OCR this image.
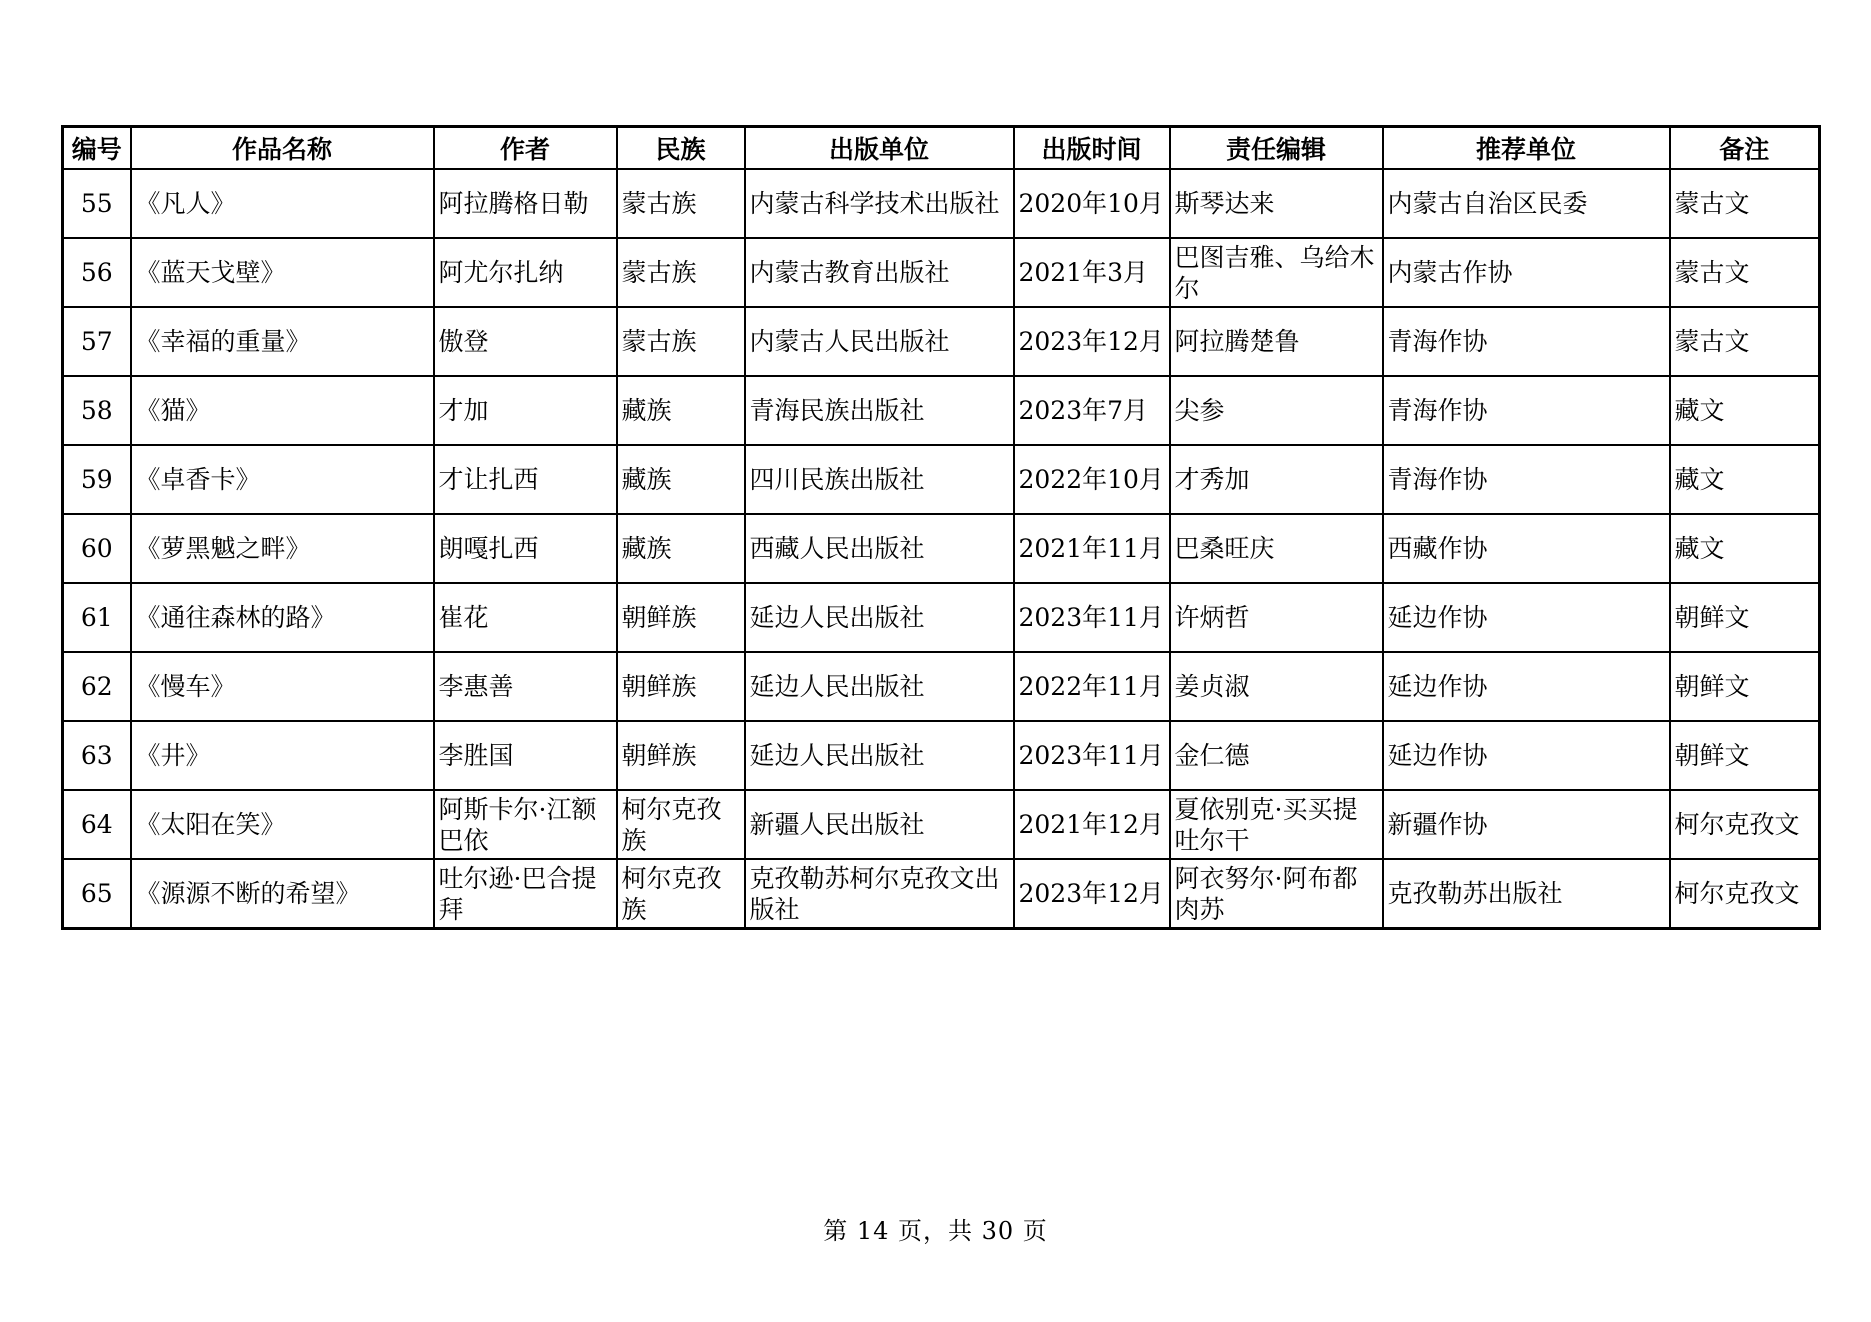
编号	作品名称	作者	民族	出版单位	出版时间	责任编辑	推荐单位	备注
55	《凡人》	阿拉腾格日勒	蒙古族	内蒙古科学技术出版社	2020年10月	斯琴达来	内蒙古自治区民委	蒙古文
56	《蓝天戈壁》	阿尤尔扎纳	蒙古族	内蒙古教育出版社	2021年3月	巴图吉雅、乌给木尔	内蒙古作协	蒙古文
57	《幸福的重量》	傲登	蒙古族	内蒙古人民出版社	2023年12月	阿拉腾楚鲁	青海作协	蒙古文
58	《猫》	才加	藏族	青海民族出版社	2023年7月	尖参	青海作协	藏文
59	《卓香卡》	才让扎西	藏族	四川民族出版社	2022年10月	才秀加	青海作协	藏文
60	《萝黑魆之畔》	朗嘎扎西	藏族	西藏人民出版社	2021年11月	巴桑旺庆	西藏作协	藏文
61	《通往森林的路》	崔花	朝鲜族	延边人民出版社	2023年11月	许炳哲	延边作协	朝鲜文
62	《慢车》	李惠善	朝鲜族	延边人民出版社	2022年11月	姜贞淑	延边作协	朝鲜文
63	《井》	李胜国	朝鲜族	延边人民出版社	2023年11月	金仁德	延边作协	朝鲜文
64	《太阳在笑》	阿斯卡尔·江额巴依	柯尔克孜族	新疆人民出版社	2021年12月	夏依别克·买买提吐尔干	新疆作协	柯尔克孜文
65	《源源不断的希望》	吐尔逊·巴合提拜	柯尔克孜族	克孜勒苏柯尔克孜文出版社	2023年12月	阿衣努尔·阿布都肉苏	克孜勒苏出版社	柯尔克孜文
第 14 页，共 30 页
